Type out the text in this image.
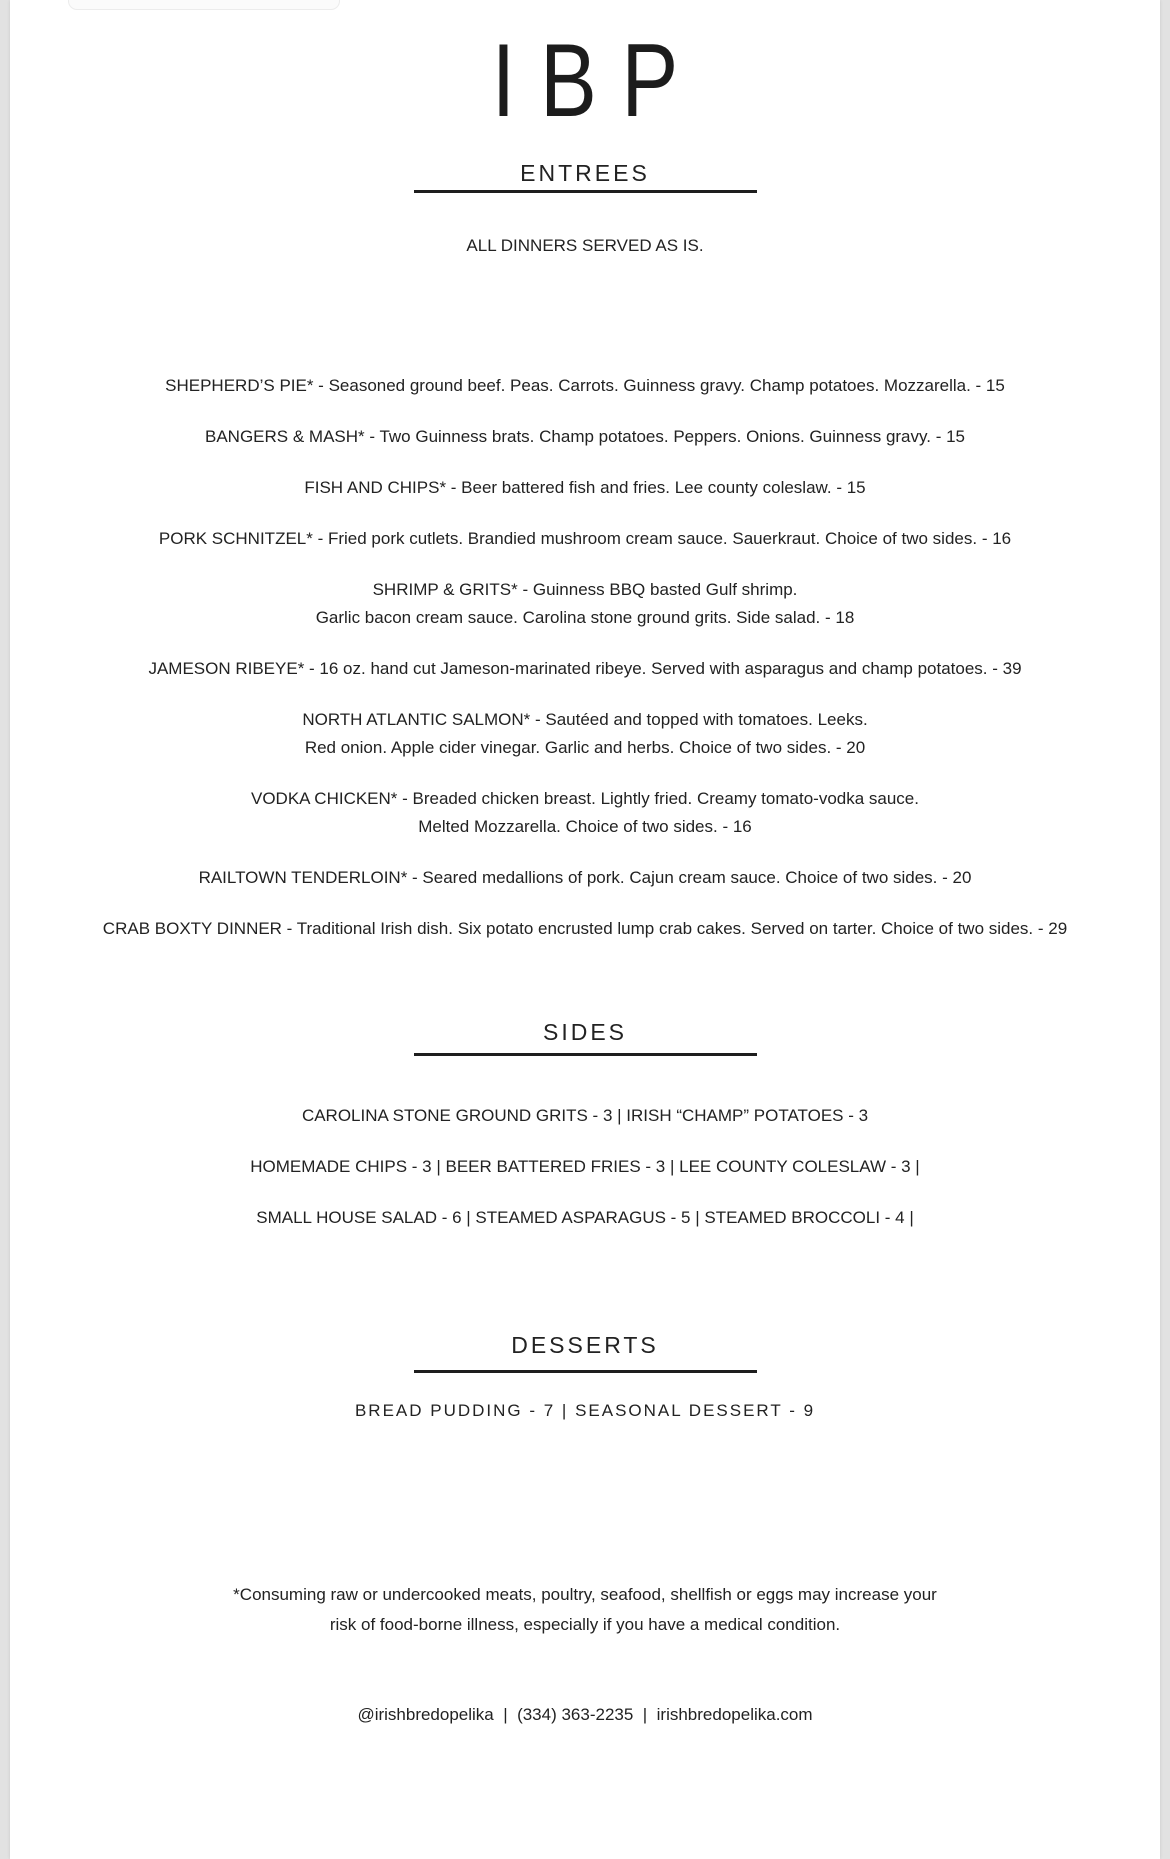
IBP
ENTREES
ALL DINNERS SERVED AS IS.
SHEPHERD’S PIE* - Seasoned ground beef. Peas. Carrots. Guinness gravy. Champ potatoes. Mozzarella. - 15
BANGERS & MASH* - Two Guinness brats. Champ potatoes. Peppers. Onions. Guinness gravy. - 15
FISH AND CHIPS* - Beer battered fish and fries. Lee county coleslaw. - 15
PORK SCHNITZEL* - Fried pork cutlets. Brandied mushroom cream sauce. Sauerkraut. Choice of two sides. - 16
SHRIMP & GRITS* - Guinness BBQ basted Gulf shrimp.
Garlic bacon cream sauce. Carolina stone ground grits. Side salad. - 18
JAMESON RIBEYE* - 16 oz. hand cut Jameson-marinated ribeye. Served with asparagus and champ potatoes. - 39
NORTH ATLANTIC SALMON* - Sautéed and topped with tomatoes. Leeks.
Red onion. Apple cider vinegar. Garlic and herbs. Choice of two sides. - 20
VODKA CHICKEN* - Breaded chicken breast. Lightly fried. Creamy tomato-vodka sauce.
Melted Mozzarella. Choice of two sides. - 16
RAILTOWN TENDERLOIN* - Seared medallions of pork. Cajun cream sauce. Choice of two sides. - 20
CRAB BOXTY DINNER - Traditional Irish dish. Six potato encrusted lump crab cakes. Served on tarter. Choice of two sides. - 29
SIDES
CAROLINA STONE GROUND GRITS - 3 | IRISH “CHAMP” POTATOES - 3
HOMEMADE CHIPS - 3 | BEER BATTERED FRIES - 3 | LEE COUNTY COLESLAW - 3 |
SMALL HOUSE SALAD - 6 | STEAMED ASPARAGUS - 5 | STEAMED BROCCOLI - 4 |
DESSERTS
BREAD PUDDING - 7 | SEASONAL DESSERT - 9
*Consuming raw or undercooked meats, poultry, seafood, shellfish or eggs may increase your
risk of food-borne illness, especially if you have a medical condition.
@irishbredopelika  |  (334) 363-2235  |  irishbredopelika.com
